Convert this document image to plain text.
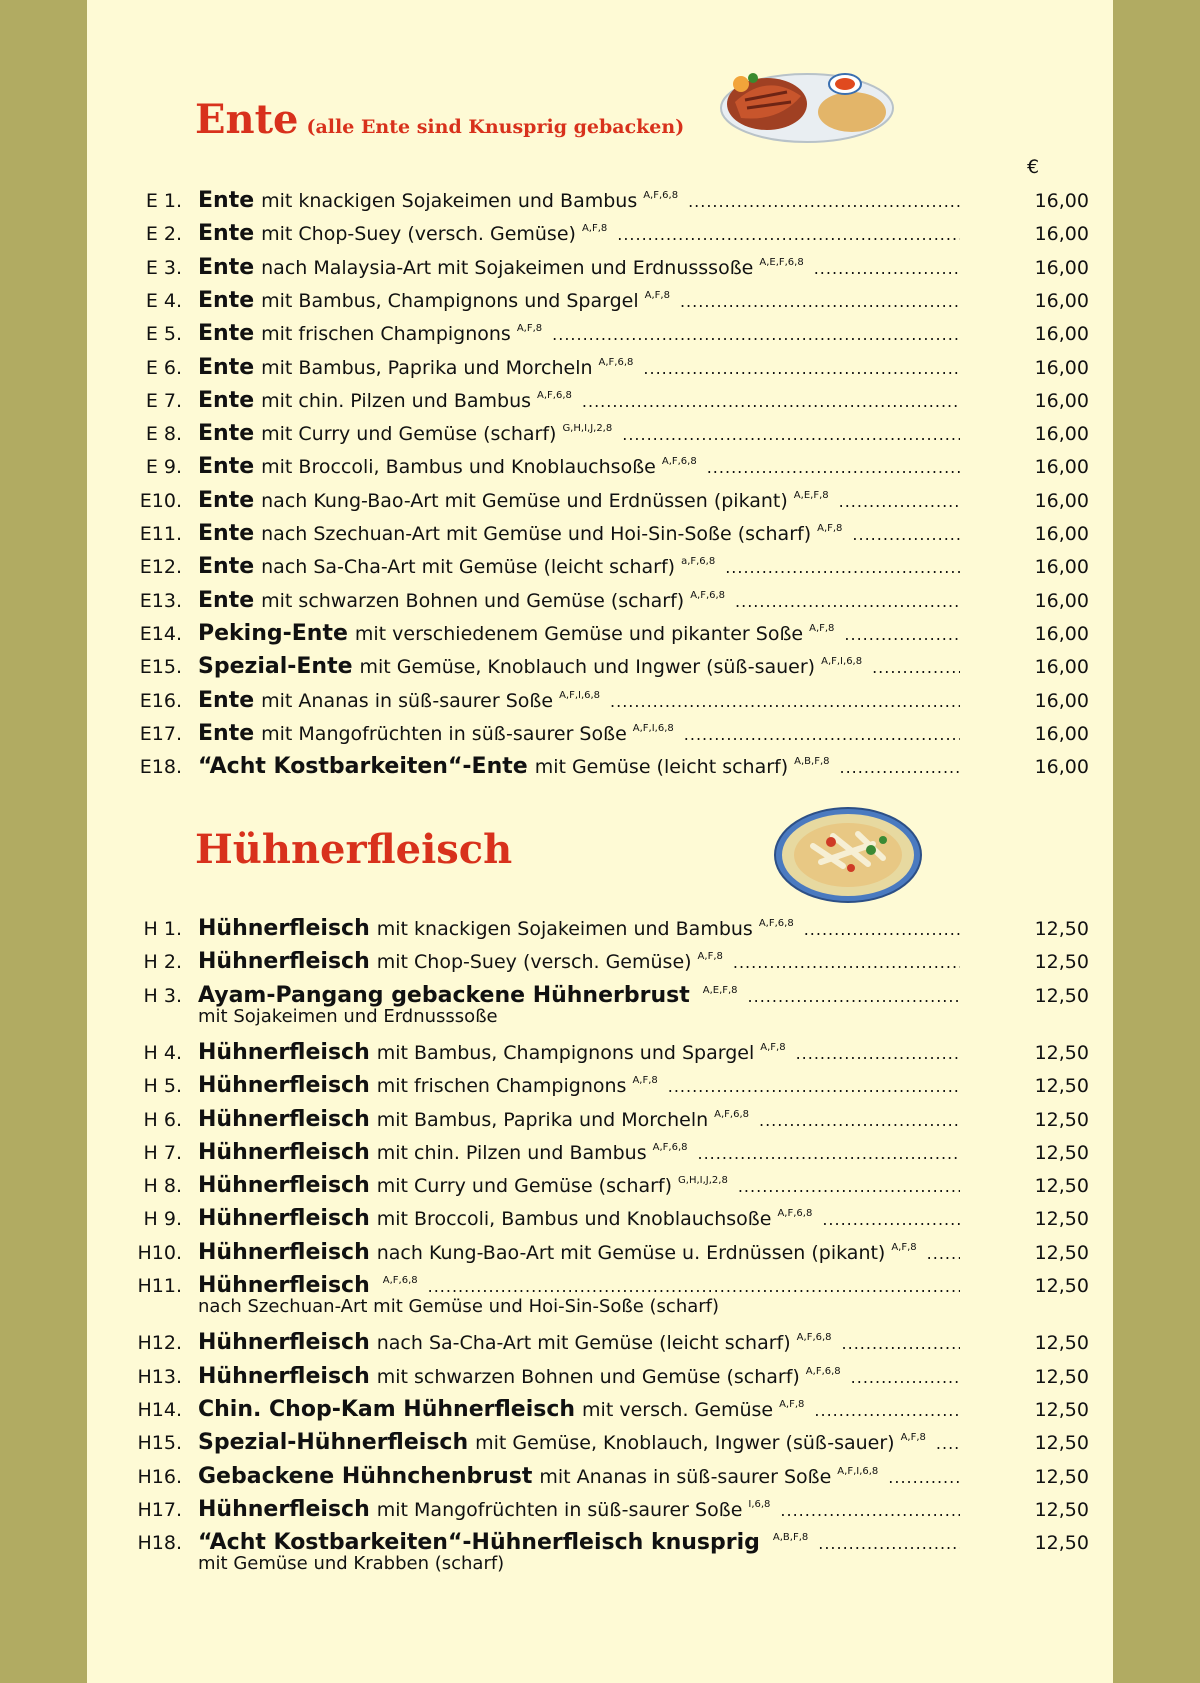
Ente (alle Ente sind Knusprig gebacken)
€
E 1. Ente mit knackigen Sojakeimen und Bambus A,F,6,8 .....	16,00
E 2. Ente mit Chop-Suey (versch. Gemüse) A,F,8 .....	16,00
E 3. Ente nach Malaysia-Art mit Sojakeimen und Erdnusssoße A,E,F,6,8 .....	16,00
E 4. Ente mit Bambus, Champignons und Spargel A,F,8 .....	16,00
E 5. Ente mit frischen Champignons A,F,8 .....	16,00
E 6. Ente mit Bambus, Paprika und Morcheln A,F,6,8 .....	16,00
E 7. Ente mit chin. Pilzen und Bambus A,F,6,8 .....	16,00
E 8. Ente mit Curry und Gemüse (scharf) G,H,I,J,2,8 .....	16,00
E 9. Ente mit Broccoli, Bambus und Knoblauchsoße A,F,6,8 .....	16,00
E10. Ente nach Kung-Bao-Art mit Gemüse und Erdnüssen (pikant) A,E,F,8 .....	16,00
E11. Ente nach Szechuan-Art mit Gemüse und Hoi-Sin-Soße (scharf) A,F,8 .....	16,00
E12. Ente nach Sa-Cha-Art mit Gemüse (leicht scharf) a,F,6,8 .....	16,00
E13. Ente mit schwarzen Bohnen und Gemüse (scharf) A,F,6,8 .....	16,00
E14. Peking-Ente mit verschiedenem Gemüse und pikanter Soße A,F,8 .....	16,00
E15. Spezial-Ente mit Gemüse, Knoblauch und Ingwer (süß-sauer) A,F,I,6,8 .....	16,00
E16. Ente mit Ananas in süß-saurer Soße A,F,I,6,8 .....	16,00
E17. Ente mit Mangofrüchten in süß-saurer Soße A,F,I,6,8 .....	16,00
E18. “Acht Kostbarkeiten“-Ente mit Gemüse (leicht scharf) A,B,F,8 .....	16,00
Hühnerfleisch
H 1. Hühnerfleisch mit knackigen Sojakeimen und Bambus A,F,6,8 .....	12,50
H 2. Hühnerfleisch mit Chop-Suey (versch. Gemüse) A,F,8 .....	12,50
H 3. Ayam-Pangang gebackene Hühnerbrust A,E,F,8 .....	12,50
mit Sojakeimen und Erdnusssoße
H 4. Hühnerfleisch mit Bambus, Champignons und Spargel A,F,8 .....	12,50
H 5. Hühnerfleisch mit frischen Champignons A,F,8 .....	12,50
H 6. Hühnerfleisch mit Bambus, Paprika und Morcheln A,F,6,8 .....	12,50
H 7. Hühnerfleisch mit chin. Pilzen und Bambus A,F,6,8 .....	12,50
H 8. Hühnerfleisch mit Curry und Gemüse (scharf) G,H,I,J,2,8 .....	12,50
H 9. Hühnerfleisch mit Broccoli, Bambus und Knoblauchsoße A,F,6,8 .....	12,50
H10. Hühnerfleisch nach Kung-Bao-Art mit Gemüse u. Erdnüssen (pikant) A,F,8 .....	12,50
H11. Hühnerfleisch A,F,6,8 .....	12,50
nach Szechuan-Art mit Gemüse und Hoi-Sin-Soße (scharf)
H12. Hühnerfleisch nach Sa-Cha-Art mit Gemüse (leicht scharf) A,F,6,8 .....	12,50
H13. Hühnerfleisch mit schwarzen Bohnen und Gemüse (scharf) A,F,6,8 .....	12,50
H14. Chin. Chop-Kam Hühnerfleisch mit versch. Gemüse A,F,8 .....	12,50
H15. Spezial-Hühnerfleisch mit Gemüse, Knoblauch, Ingwer (süß-sauer) A,F,8 .....	12,50
H16. Gebackene Hühnchenbrust mit Ananas in süß-saurer Soße A,F,I,6,8 .....	12,50
H17. Hühnerfleisch mit Mangofrüchten in süß-saurer Soße I,6,8 .....	12,50
H18. “Acht Kostbarkeiten“-Hühnerfleisch knusprig A,B,F,8 .....	12,50
mit Gemüse und Krabben (scharf)
